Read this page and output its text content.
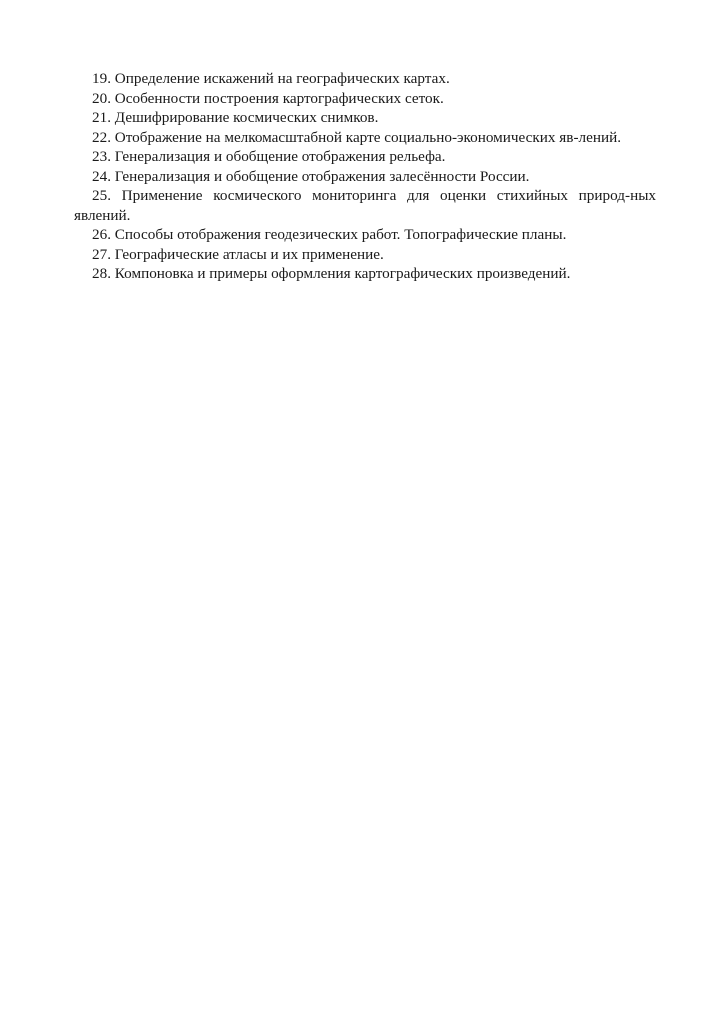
19. Определение искажений на географических картах.

20. Особенности построения картографических сеток.

21. Дешифрирование космических снимков.

22. Отображение на мелкомасштабной карте социально-экономических яв-лений.

23. Генерализация и обобщение отображения рельефа.

24. Генерализация и обобщение отображения залесённости России.

25. Применение космического мониторинга для оценки стихийных природ-ных явлений.

26. Способы отображения геодезических работ. Топографические планы.

27. Географические атласы и их применение.

28. Компоновка и примеры оформления картографических произведений.
